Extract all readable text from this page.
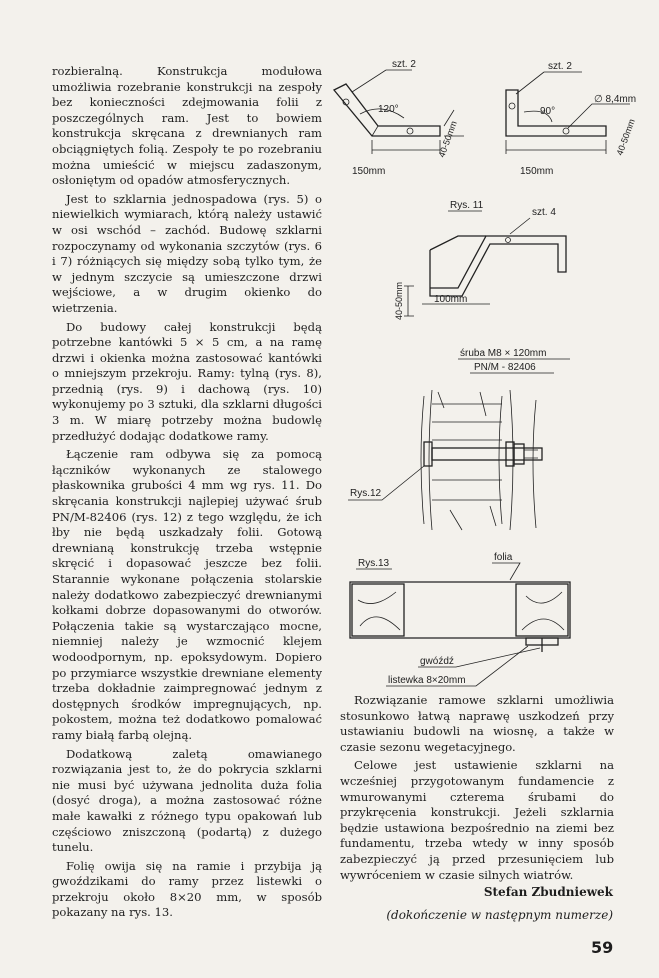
rozbieralną. Konstrukcja modułowa umożliwia rozebranie konstrukcji na zespoły bez konieczności zdejmowania folii z poszczególnych ram. Jest to bowiem konstrukcja skręcana z drewnianych ram obciągniętych folią. Zespoły te po rozebraniu można umieścić w miejscu zadaszonym, osłoniętym od opadów atmosferycznych.

Jest to szklarnia jednospadowa (rys. 5) o niewielkich wymiarach, którą należy ustawić w osi wschód – zachód. Budowę szklarni rozpoczynamy od wykonania szczytów (rys. 6 i 7) różniących się między sobą tylko tym, że w jednym szczycie są umieszczone drzwi wejściowe, a w drugim okienko do wietrzenia.

Do budowy całej konstrukcji będą potrzebne kantówki 5 × 5 cm, a na ramę drzwi i okienka można zastosować kantówki o mniejszym przekroju. Ramy: tylną (rys. 8), przednią (rys. 9) i dachową (rys. 10) wykonujemy po 3 sztuki, dla szklarni długości 3 m. W miarę potrzeby można budowlę przedłużyć dodając dodatkowe ramy.

Łączenie ram odbywa się za pomocą łączników wykonanych ze stalowego płaskownika grubości 4 mm wg rys. 11. Do skręcania konstrukcji najlepiej używać śrub PN/M-82406 (rys. 12) z tego względu, że ich łby nie będą uszkadzały folii. Gotową drewnianą konstrukcję trzeba wstępnie skręcić i dopasować jeszcze bez folii. Starannie wykonane połączenia stolarskie należy dodatkowo zabezpieczyć drewnianymi kołkami dobrze dopasowanymi do otworów. Połączenia takie są wystarczająco mocne, niemniej należy je wzmocnić klejem wodoodpornym, np. epoksydowym. Dopiero po przymiarce wszystkie drewniane elementy trzeba dokładnie zaimpregnować jednym z dostępnych środków impregnujących, np. pokostem, można też dodatkowo pomalować ramy białą farbą olejną.

Dodatkową zaletą omawianego rozwiązania jest to, że do pokrycia szklarni nie musi być używana jednolita duża folia (dosyć droga), a można zastosować różne małe kawałki z różnego typu opakowań lub częściowo zniszczoną (podartą) z dużego tunelu.

Folię owija się na ramie i przybija ją gwoździkami do ramy przez listewki o przekroju około 8×20 mm, w sposób pokazany na rys. 13.

Rozwiązanie ramowe szklarni umożliwia stosunkowo łatwą naprawę uszkodzeń przy ustawianiu budowli na wiosnę, a także w czasie sezonu wegetacyjnego.

Celowe jest ustawienie szklarni na wcześniej przygotowanym fundamencie z wmurowanymi czterema śrubami do przykręcenia konstrukcji. Jeżeli szklarnia będzie ustawiona bezpośrednio na ziemi bez fundamentu, trzeba wtedy w inny sposób zabezpieczyć ją przed przesunięciem lub wywróceniem w czasie silnych wiatrów.

Stefan Zbudniewek
(dokończenie w następnym numerze)
59
120°
szt. 2
150mm
40-50mm
90°
szt. 2
∅ 8,4mm
150mm
40-50mm
Rys. 11
szt. 4
40-50mm	100mm
śruba M8 × 120mm
PN/M - 82406
Rys.12
Rys.13
folia
gwóźdź
listewka 8×20mm
